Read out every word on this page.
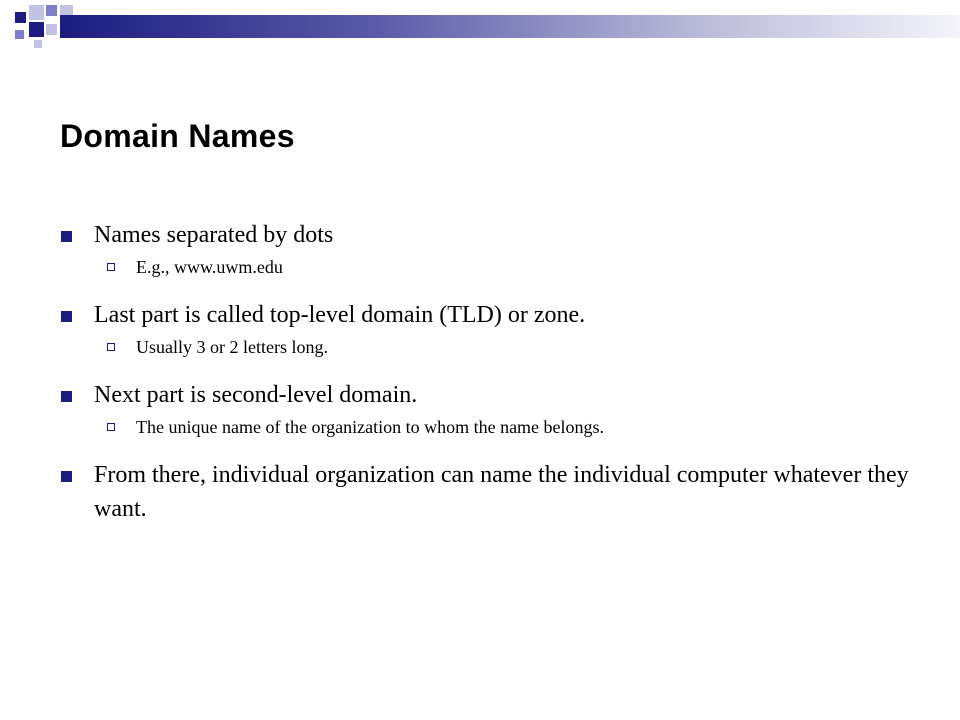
Domain Names
Names separated by dots
E.g., www.uwm.edu
Last part is called top-level domain (TLD) or zone.
Usually 3 or 2 letters long.
Next part is second-level domain.
The unique name of the organization to whom the name belongs.
From there, individual organization can name the individual computer whatever they want.
